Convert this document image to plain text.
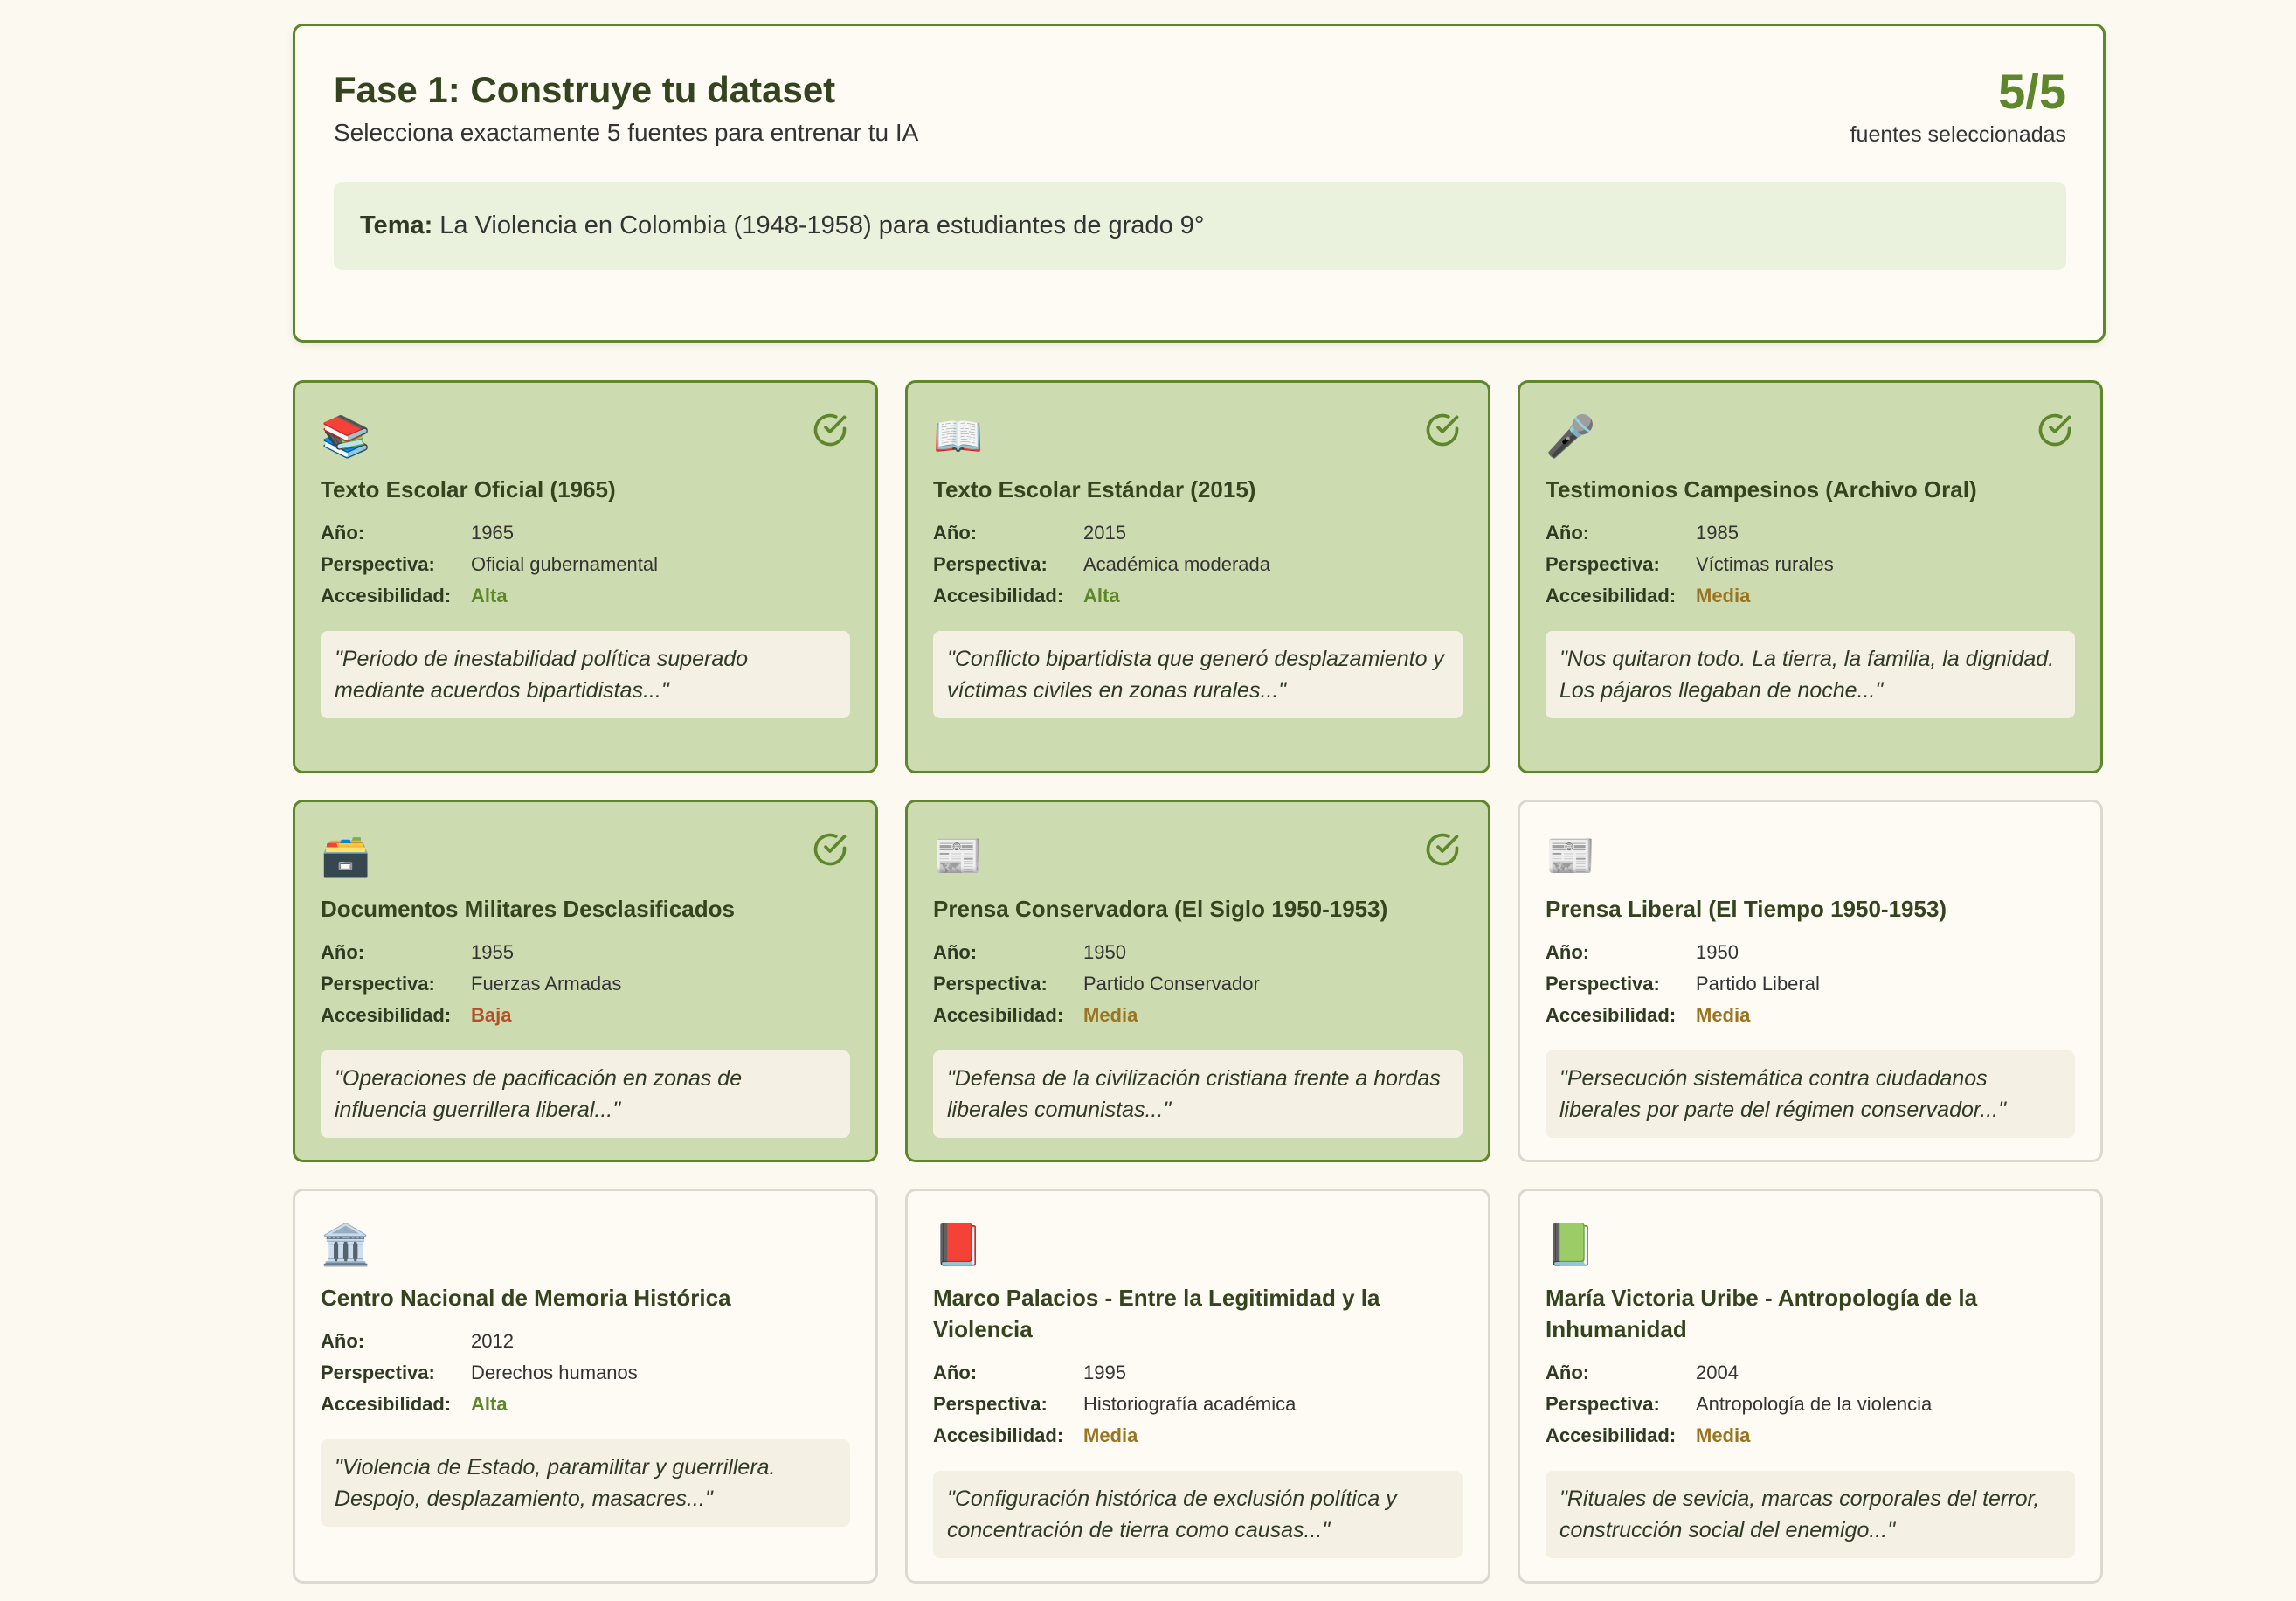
Fase 1: Construye tu dataset
Selecciona exactamente 5 fuentes para entrenar tu IA
5/5
fuentes seleccionadas
Tema: La Violencia en Colombia (1948-1958) para estudiantes de grado 9°
📚
Texto Escolar Oficial (1965)
Año:	1965
Perspectiva:	Oficial gubernamental
Accesibilidad:	Alta
"Periodo de inestabilidad política superado mediante acuerdos bipartidistas..."
📖
Texto Escolar Estándar (2015)
Año:	2015
Perspectiva:	Académica moderada
Accesibilidad:	Alta
"Conflicto bipartidista que generó desplazamiento y víctimas civiles en zonas rurales..."
🎤
Testimonios Campesinos (Archivo Oral)
Año:	1985
Perspectiva:	Víctimas rurales
Accesibilidad:	Media
"Nos quitaron todo. La tierra, la familia, la dignidad. Los pájaros llegaban de noche..."
🗃️
Documentos Militares Desclasificados
Año:	1955
Perspectiva:	Fuerzas Armadas
Accesibilidad:	Baja
"Operaciones de pacificación en zonas de influencia guerrillera liberal..."
📰
Prensa Conservadora (El Siglo 1950-1953)
Año:	1950
Perspectiva:	Partido Conservador
Accesibilidad:	Media
"Defensa de la civilización cristiana frente a hordas liberales comunistas..."
📰
Prensa Liberal (El Tiempo 1950-1953)
Año:	1950
Perspectiva:	Partido Liberal
Accesibilidad:	Media
"Persecución sistemática contra ciudadanos liberales por parte del régimen conservador..."
🏛️
Centro Nacional de Memoria Histórica
Año:	2012
Perspectiva:	Derechos humanos
Accesibilidad:	Alta
"Violencia de Estado, paramilitar y guerrillera. Despojo, desplazamiento, masacres..."
📕
Marco Palacios - Entre la Legitimidad y la Violencia
Año:	1995
Perspectiva:	Historiografía académica
Accesibilidad:	Media
"Configuración histórica de exclusión política y concentración de tierra como causas..."
📗
María Victoria Uribe - Antropología de la Inhumanidad
Año:	2004
Perspectiva:	Antropología de la violencia
Accesibilidad:	Media
"Rituales de sevicia, marcas corporales del terror, construcción social del enemigo..."
